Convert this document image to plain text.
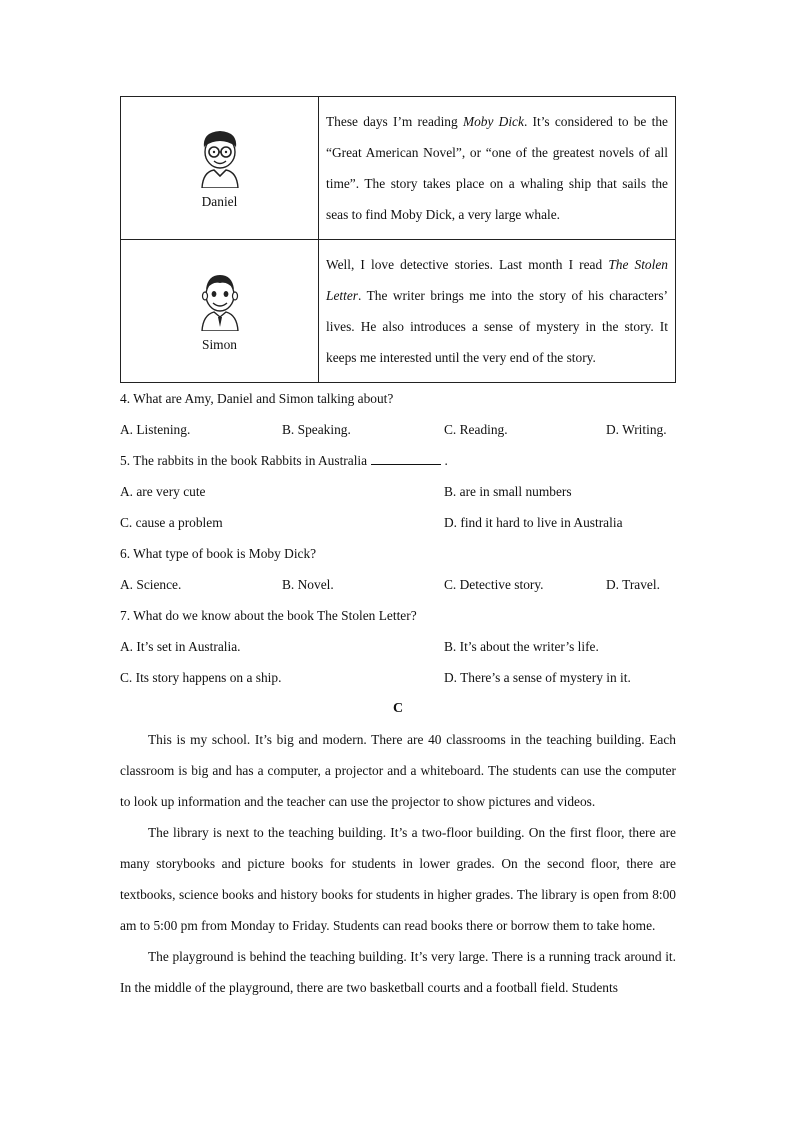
Daniel	These days I’m reading Moby Dick. It’s considered to be the “Great American Novel”, or “one of the greatest novels of all time”. The story takes place on a whaling ship that sails the seas to find Moby Dick, a very large whale.

Simon	Well, I love detective stories. Last month I read The Stolen Letter. The writer brings me into the story of his characters’ lives. He also introduces a sense of mystery in the story. It keeps me interested until the very end of the story.
4. What are Amy, Daniel and Simon talking about?
A. Listening.	B. Speaking.	C. Reading.	D. Writing.
5. The rabbits in the book Rabbits in Australia	.
A. are very cute	B. are in small numbers
C. cause a problem	D. find it hard to live in Australia
6. What type of book is Moby Dick?
A. Science.	B. Novel.	C. Detective story.	D. Travel.
7. What do we know about the book The Stolen Letter?
A. It’s set in Australia.	B. It’s about the writer’s life.
C. Its story happens on a ship.	D. There’s a sense of mystery in it.
C

This is my school. It’s big and modern. There are 40 classrooms in the teaching building. Each classroom is big and has a computer, a projector and a whiteboard. The students can use the computer to look up information and the teacher can use the projector to show pictures and videos.

The library is next to the teaching building. It’s a two-floor building. On the first floor, there are many storybooks and picture books for students in lower grades. On the second floor, there are textbooks, science books and history books for students in higher grades. The library is open from 8:00 am to 5:00 pm from Monday to Friday. Students can read books there or borrow them to take home.

The playground is behind the teaching building. It’s very large. There is a running track around it. In the middle of the playground, there are two basketball courts and a football field. Students
